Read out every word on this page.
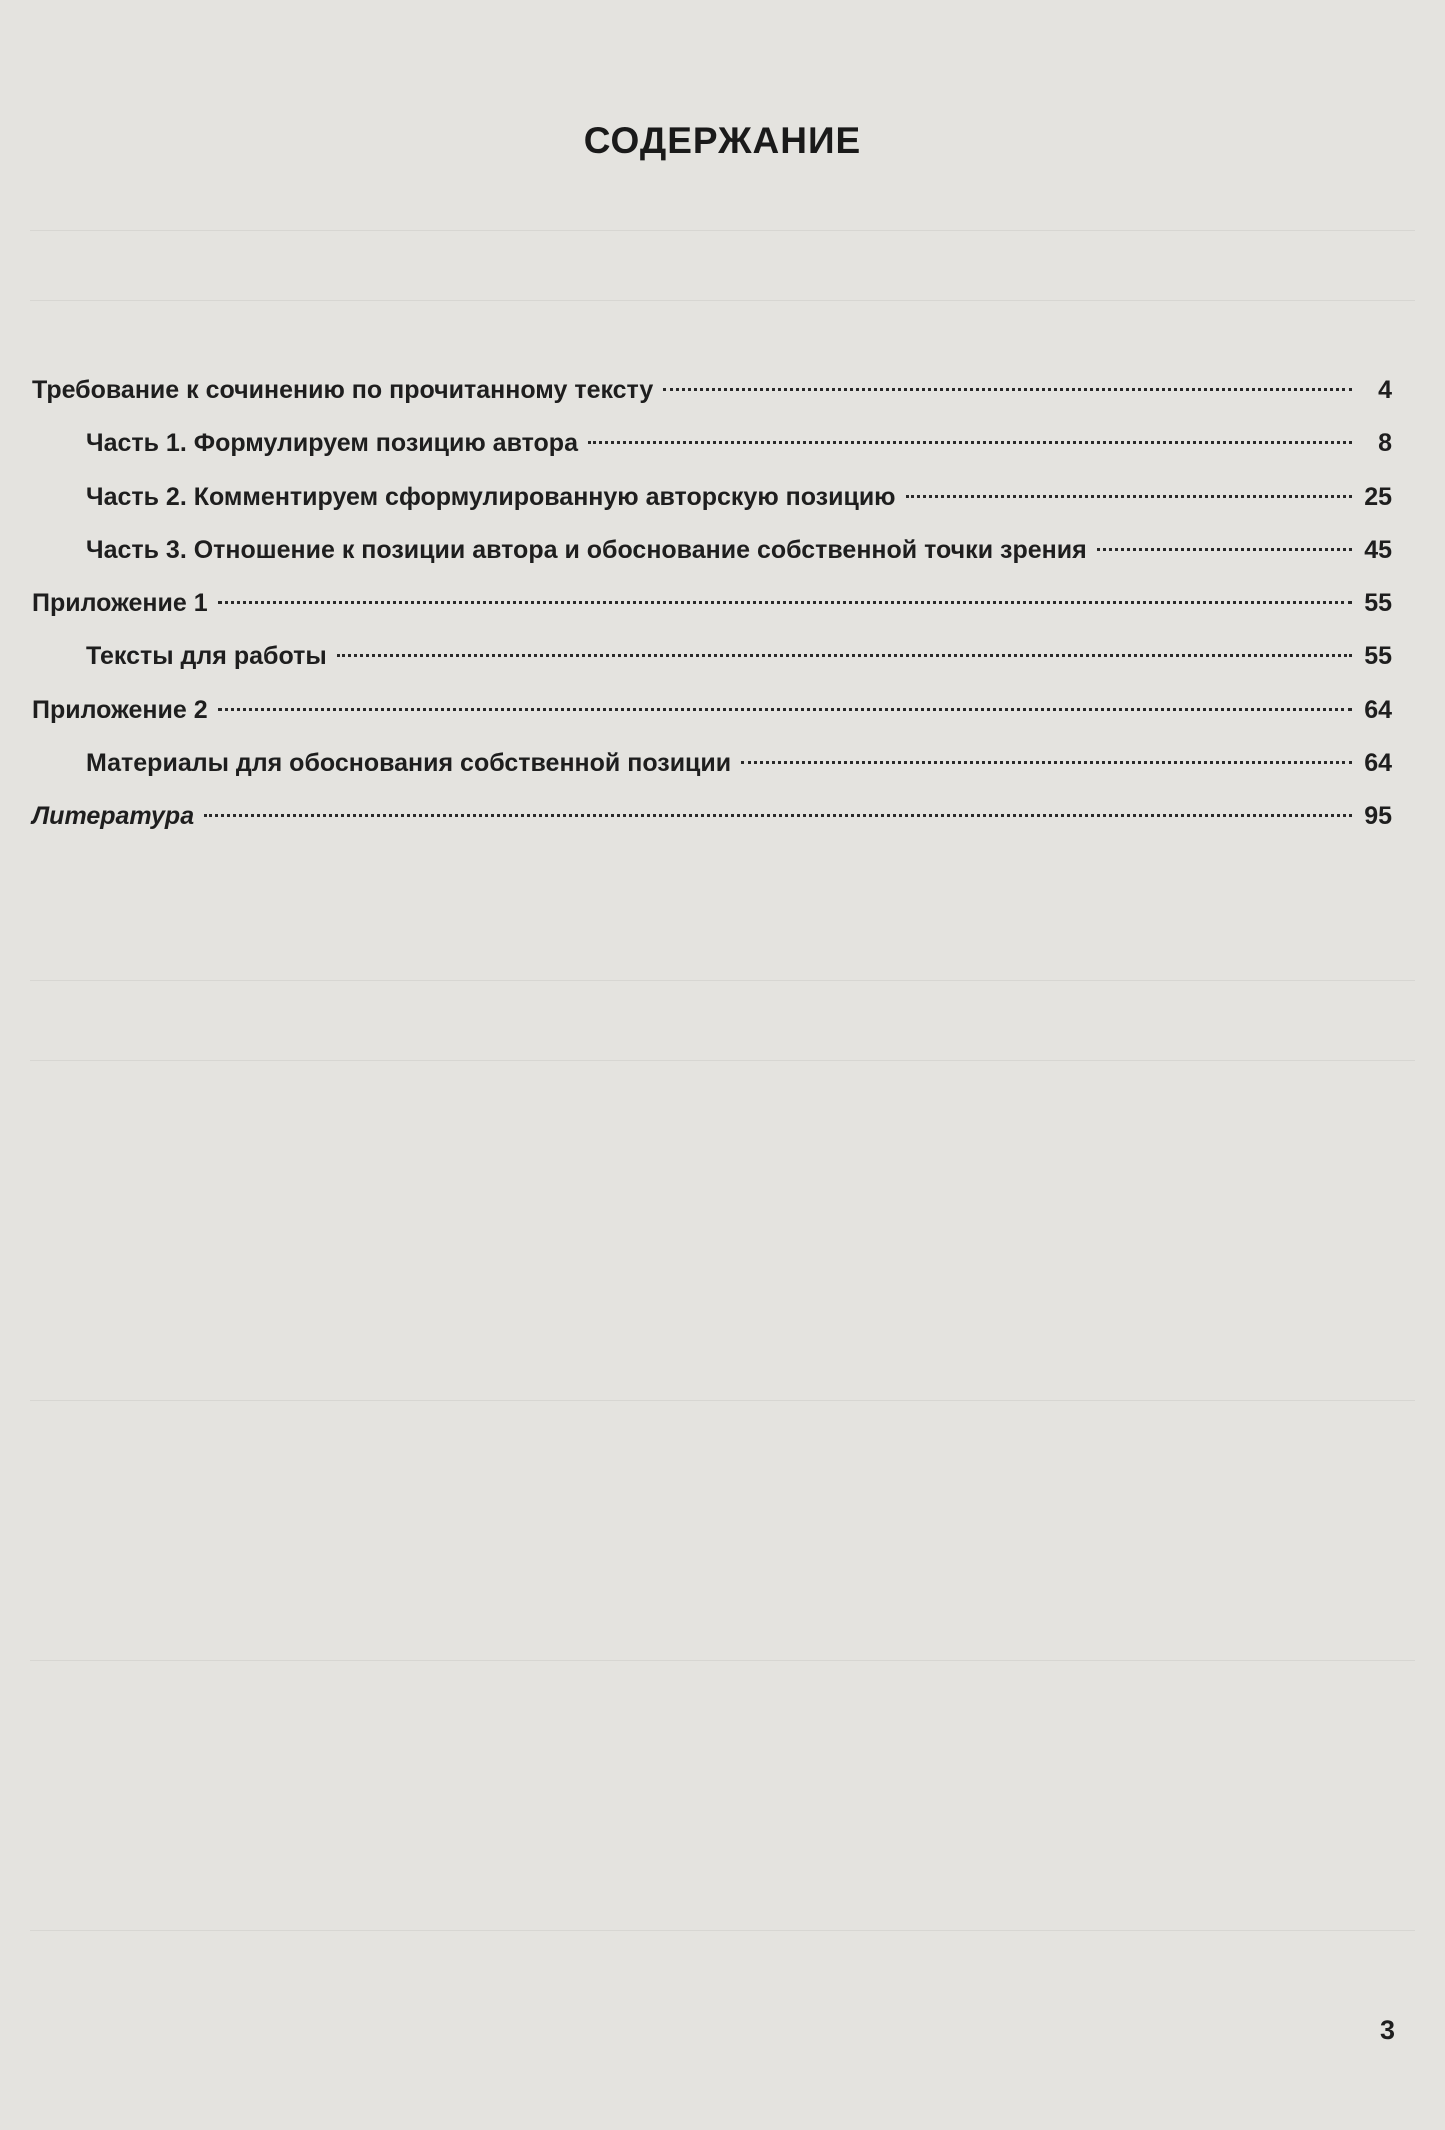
СОДЕРЖАНИЕ
Требование к сочинению по прочитанному тексту	4
Часть 1. Формулируем позицию автора	8
Часть 2. Комментируем сформулированную авторскую позицию	25
Часть 3. Отношение к позиции автора и обоснование собственной точки зрения	45
Приложение 1	55
Тексты для работы	55
Приложение 2	64
Материалы для обоснования собственной позиции	64
Литература	95
3
